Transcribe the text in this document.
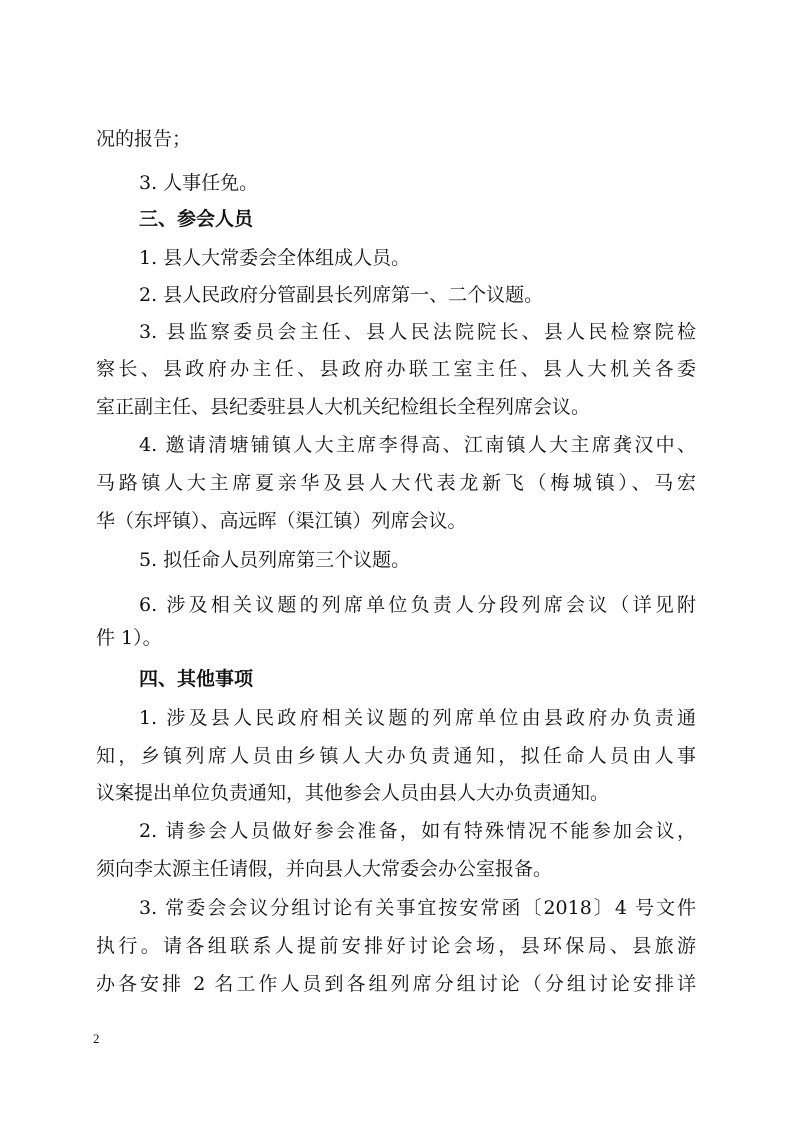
况的报告；
3. 人事任免。
三、参会人员
1. 县人大常委会全体组成人员。
2. 县人民政府分管副县长列席第一、二个议题。
3. 县监察委员会主任、县人民法院院长、县人民检察院检
察长、县政府办主任、县政府办联工室主任、县人大机关各委
室正副主任、县纪委驻县人大机关纪检组长全程列席会议。
4. 邀请清塘铺镇人大主席李得高、江南镇人大主席龚汉中、
马路镇人大主席夏亲华及县人大代表龙新飞（梅城镇）、马宏
华（东坪镇）、高远晖（渠江镇）列席会议。
5. 拟任命人员列席第三个议题。
6. 涉及相关议题的列席单位负责人分段列席会议（详见附
件 1）。
四、其他事项
1. 涉及县人民政府相关议题的列席单位由县政府办负责通
知，乡镇列席人员由乡镇人大办负责通知，拟任命人员由人事
议案提出单位负责通知，其他参会人员由县人大办负责通知。
2. 请参会人员做好参会准备，如有特殊情况不能参加会议，
须向李太源主任请假，并向县人大常委会办公室报备。
3. 常委会会议分组讨论有关事宜按安常函〔2018〕4 号文件
执行。请各组联系人提前安排好讨论会场，县环保局、县旅游
办各安排 2 名工作人员到各组列席分组讨论（分组讨论安排详
2
